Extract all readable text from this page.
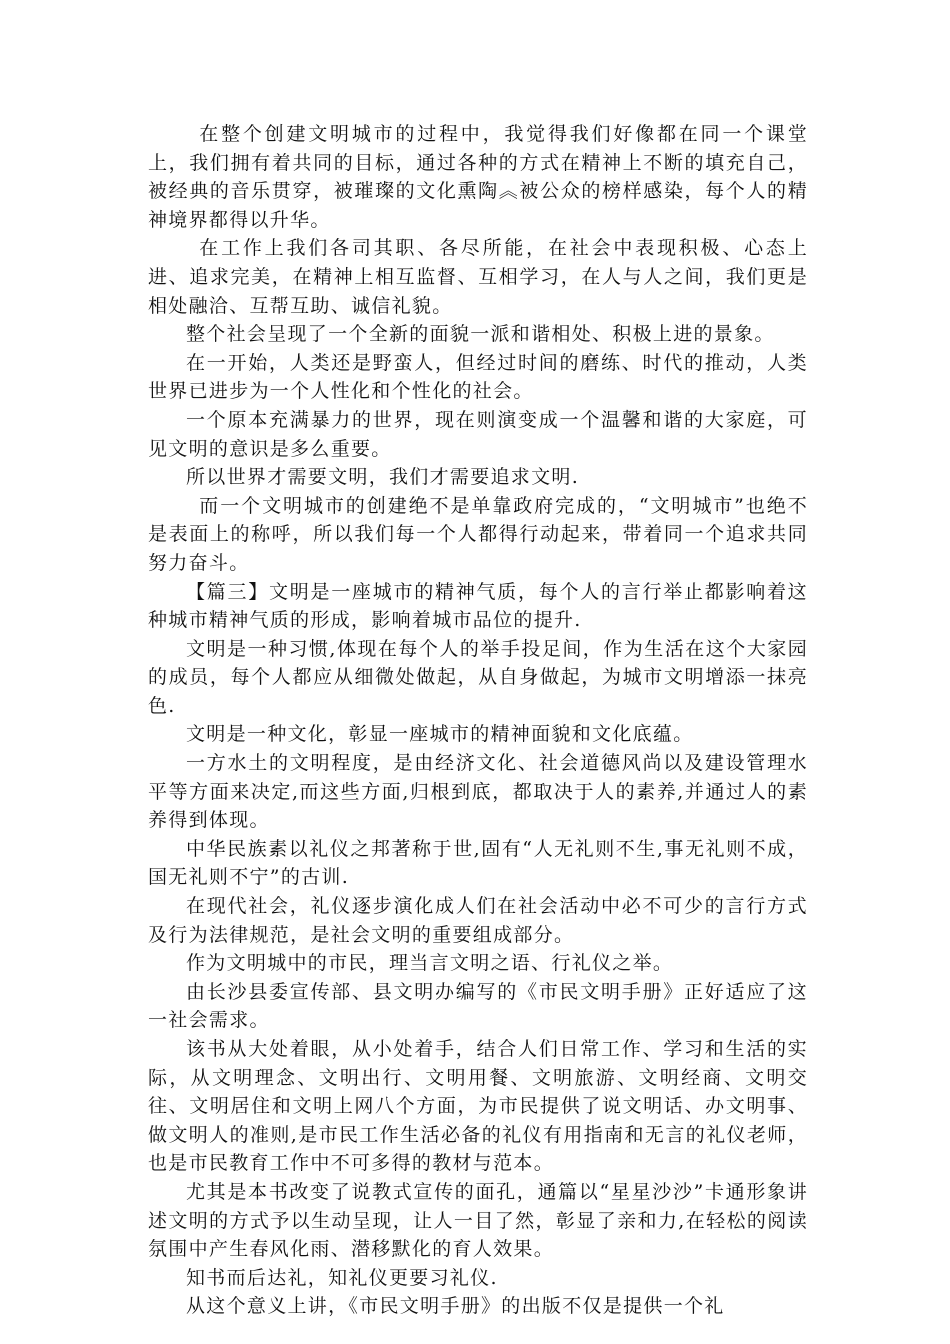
在整个创建文明城市的过程中，我觉得我们好像都在同一个课堂上，我们拥有着共同的目标，通过各种的方式在精神上不断的填充自己，被经典的音乐贯穿，被璀璨的文化熏陶︽被公众的榜样感染，每个人的精神境界都得以升华。

在工作上我们各司其职、各尽所能，在社会中表现积极、心态上进、追求完美，在精神上相互监督、互相学习，在人与人之间，我们更是相处融洽、互帮互助、诚信礼貌。

整个社会呈现了一个全新的面貌一派和谐相处、积极上进的景象。

在一开始，人类还是野蛮人，但经过时间的磨练、时代的推动，人类世界已进步为一个人性化和个性化的社会。

一个原本充满暴力的世界，现在则演变成一个温馨和谐的大家庭，可见文明的意识是多么重要。

所以世界才需要文明，我们才需要追求文明.

而一个文明城市的创建绝不是单靠政府完成的，“文明城市”也绝不是表面上的称呼，所以我们每一个人都得行动起来，带着同一个追求共同努力奋斗。

【篇三】文明是一座城市的精神气质，每个人的言行举止都影响着这种城市精神气质的形成，影响着城市品位的提升.

文明是一种习惯,体现在每个人的举手投足间，作为生活在这个大家园的成员，每个人都应从细微处做起，从自身做起，为城市文明增添一抹亮色.

文明是一种文化，彰显一座城市的精神面貌和文化底蕴。

一方水土的文明程度，是由经济文化、社会道德风尚以及建设管理水平等方面来决定,而这些方面,归根到底，都取决于人的素养,并通过人的素养得到体现。

中华民族素以礼仪之邦著称于世,固有“人无礼则不生,事无礼则不成，国无礼则不宁”的古训.

在现代社会，礼仪逐步演化成人们在社会活动中必不可少的言行方式及行为法律规范，是社会文明的重要组成部分。

作为文明城中的市民，理当言文明之语、行礼仪之举。

由长沙县委宣传部、县文明办编写的《市民文明手册》正好适应了这一社会需求。

该书从大处着眼，从小处着手，结合人们日常工作、学习和生活的实际，从文明理念、文明出行、文明用餐、文明旅游、文明经商、文明交往、文明居住和文明上网八个方面，为市民提供了说文明话、办文明事、做文明人的准则,是市民工作生活必备的礼仪有用指南和无言的礼仪老师，也是市民教育工作中不可多得的教材与范本。

尤其是本书改变了说教式宣传的面孔，通篇以“星星沙沙”卡通形象讲述文明的方式予以生动呈现，让人一目了然，彰显了亲和力,在轻松的阅读氛围中产生春风化雨、潜移默化的育人效果。

知书而后达礼，知礼仪更要习礼仪.

从这个意义上讲，《市民文明手册》的出版不仅是提供一个礼
